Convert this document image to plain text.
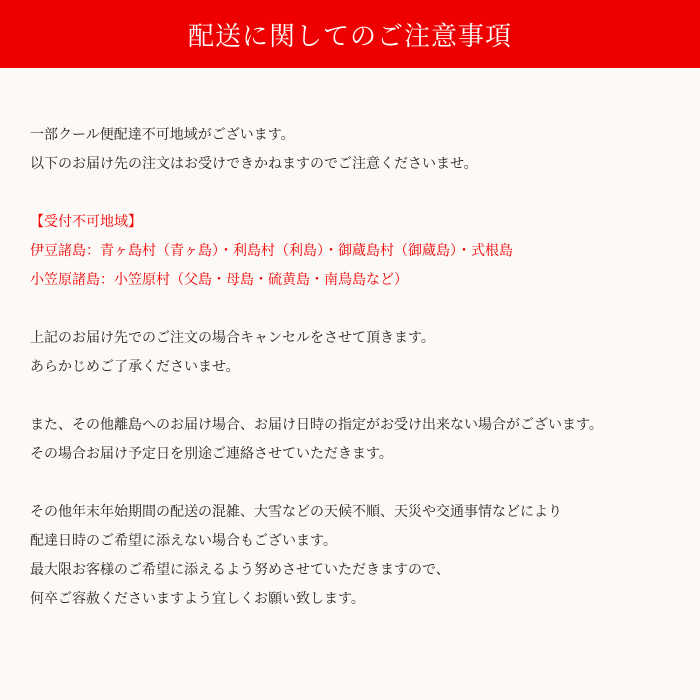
配送に関してのご注意事項
一部クール便配達不可地域がございます。
以下のお届け先の注文はお受けできかねますのでご注意くださいませ。
【受付不可地域】
伊豆諸島：青ヶ島村（青ヶ島）・利島村（利島）・御蔵島村（御蔵島）・式根島
小笠原諸島：小笠原村（父島・母島・硫黄島・南鳥島など）
上記のお届け先でのご注文の場合キャンセルをさせて頂きます。
あらかじめご了承くださいませ。
また、その他離島へのお届け場合、お届け日時の指定がお受け出来ない場合がございます。
その場合お届け予定日を別途ご連絡させていただきます。
その他年末年始期間の配送の混雑、大雪などの天候不順、天災や交通事情などにより
配達日時のご希望に添えない場合もございます。
最大限お客様のご希望に添えるよう努めさせていただきますので、
何卒ご容赦くださいますよう宜しくお願い致します。
